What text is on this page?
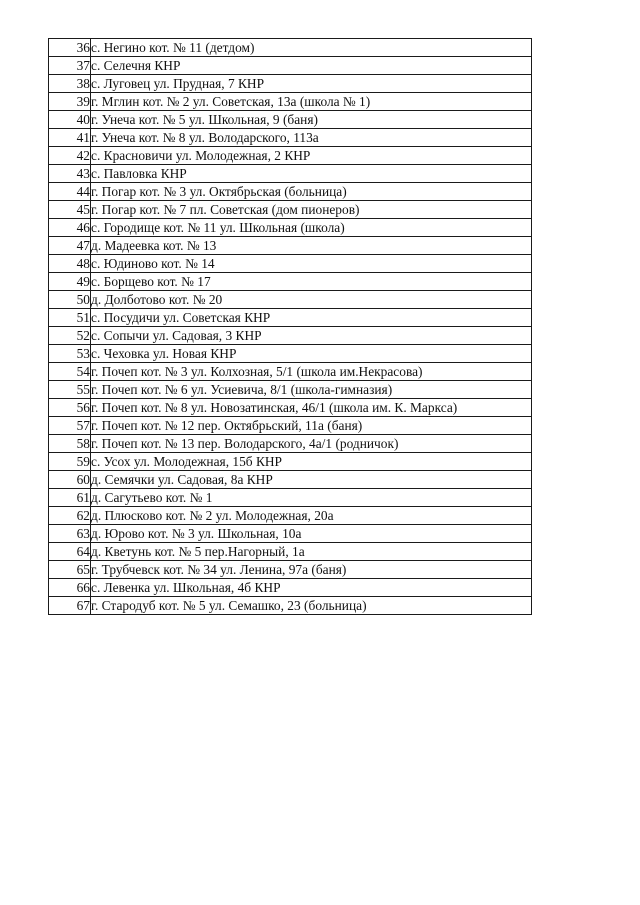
36	с. Негино кот. № 11 (детдом)
37	с. Селечня КНР
38	с. Луговец ул. Прудная, 7 КНР
39	г. Мглин кот. № 2 ул. Советская, 13а (школа № 1)
40	г. Унеча кот. № 5 ул. Школьная, 9 (баня)
41	г. Унеча кот. № 8 ул. Володарского, 113а
42	с. Красновичи ул. Молодежная, 2 КНР
43	с. Павловка КНР
44	г. Погар кот. № 3 ул. Октябрьская (больница)
45	г. Погар кот. № 7 пл. Советская (дом пионеров)
46	с. Городище кот. № 11 ул. Школьная (школа)
47	д. Мадеевка кот. № 13
48	с. Юдиново кот. № 14
49	с. Борщево кот. № 17
50	д. Долботово кот. № 20
51	с. Посудичи ул. Советская КНР
52	с. Сопычи ул. Садовая, 3 КНР
53	с. Чеховка ул. Новая КНР
54	г. Почеп кот. № 3 ул. Колхозная, 5/1 (школа им.Некрасова)
55	г. Почеп кот. № 6 ул. Усиевича, 8/1 (школа-гимназия)
56	г. Почеп кот. № 8 ул. Новозатинская, 46/1 (школа им. К. Маркса)
57	г. Почеп кот. № 12 пер. Октябрьский, 11а (баня)
58	г. Почеп кот. № 13 пер. Володарского, 4а/1 (родничок)
59	с. Усох ул. Молодежная, 15б КНР
60	д. Семячки ул. Садовая, 8а КНР
61	д. Сагутьево кот. № 1
62	д. Плюсково кот. № 2 ул. Молодежная, 20а
63	д. Юрово кот. № 3 ул. Школьная, 10а
64	д. Кветунь кот. № 5 пер.Нагорный, 1а
65	г. Трубчевск кот. № 34 ул. Ленина, 97а (баня)
66	с. Левенка ул. Школьная, 4б КНР
67	г. Стародуб кот. № 5 ул. Семашко, 23 (больница)
